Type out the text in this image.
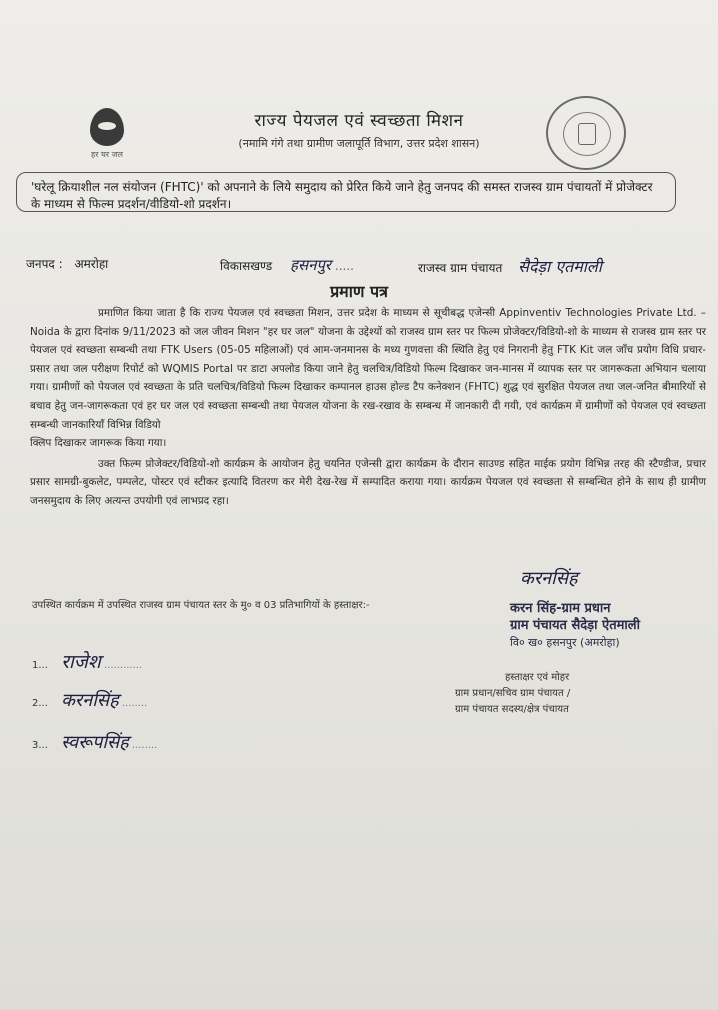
हर घर जल
राज्य पेयजल एवं स्वच्छता मिशन
(नमामि गंगे तथा ग्रामीण जलापूर्ति विभाग, उत्तर प्रदेश शासन)
'घरेलू क्रियाशील नल संयोजन (FHTC)' को अपनाने के लिये समुदाय को प्रेरित किये जाने हेतु जनपद की समस्त राजस्व ग्राम पंचायतों में प्रोजेक्टर के माध्यम से फिल्म प्रदर्शन/वीडियो-शो प्रदर्शन।
जनपद : अमरोहा	विकासखण्ड हसनपुर .....	राजस्व ग्राम पंचायत सैदेड़ा एतमाली
प्रमाण पत्र

प्रमाणित किया जाता है कि राज्य पेयजल एवं स्वच्छता मिशन, उत्तर प्रदेश के माध्यम से सूचीबद्ध एजेन्सी Appinventiv Technologies Private Ltd. – Noida के द्वारा दिनांक 9/11/2023 को जल जीवन मिशन "हर घर जल" योजना के उद्देश्यों को राजस्व ग्राम स्तर पर फिल्म प्रोजेक्टर/विडियो-शो के माध्यम से राजस्व ग्राम स्तर पर पेयजल एवं स्वच्छता सम्बन्धी तथा FTK Users (05-05 महिलाओं) एवं आम-जनमानस के मध्य गुणवत्ता की स्थिति हेतु एवं निगरानी हेतु FTK Kit जल जाँच प्रयोग विधि प्रचार-प्रसार तथा जल परीक्षण रिपोर्ट को WQMIS Portal पर डाटा अपलोड किया जाने हेतु चलचित्र/विडियो फिल्म दिखाकर जन-मानस में व्यापक स्तर पर जागरूकता अभियान चलाया गया। ग्रामीणों को पेयजल एवं स्वच्छता के प्रति चलचित्र/विडियो फिल्म दिखाकर कम्पानल हाउस होल्ड टैप कनेक्शन (FHTC) शुद्ध एवं सुरक्षित पेयजल तथा जल-जनित बीमारियों से बचाव हेतु जन-जागरूकता एवं हर घर जल एवं स्वच्छता सम्बन्धी तथा पेयजल योजना के रख-रखाव के सम्बन्ध में जानकारी दी गयी, एवं कार्यक्रम में ग्रामीणों को पेयजल एवं स्वच्छता सम्बन्धी जानकारियाँ विभिन्न विडियो

क्लिप दिखाकर जागरूक किया गया।

उक्त फिल्म प्रोजेक्टर/विडियो-शो कार्यक्रम के आयोजन हेतु चयनित एजेन्सी द्वारा कार्यक्रम के दौरान साउण्ड सहित माईक प्रयोग विभिन्न तरह की स्टैण्डीज, प्रचार प्रसार सामग्री-बुकलेट, पम्पलेट, पोस्टर एवं स्टीकर इत्यादि वितरण कर मेरी देख-रेख में सम्पादित कराया गया। कार्यक्रम पेयजल एवं स्वच्छता से सम्बन्धित होने के साथ ही ग्रामीण जनसमुदाय के लिए अत्यन्त उपयोगी एवं लाभप्रद रहा।

करनसिंह
करन सिंह-ग्राम प्रधान
ग्राम पंचायत सैदेड़ा ऐतमाली
वि० ख० हसनपुर (अमरोहा)
हस्ताक्षर एवं मोहर
ग्राम प्रधान/सचिव ग्राम पंचायत /
ग्राम पंचायत सदस्य/क्षेत्र पंचायत
उपस्थित कार्यक्रम में उपस्थित राजस्व ग्राम पंचायत स्तर के मु० व 03 प्रतिभागियों के हस्ताक्षर:-
1... राजेश ............
2... करनसिंह ........
3... स्वरूपसिंह ........
